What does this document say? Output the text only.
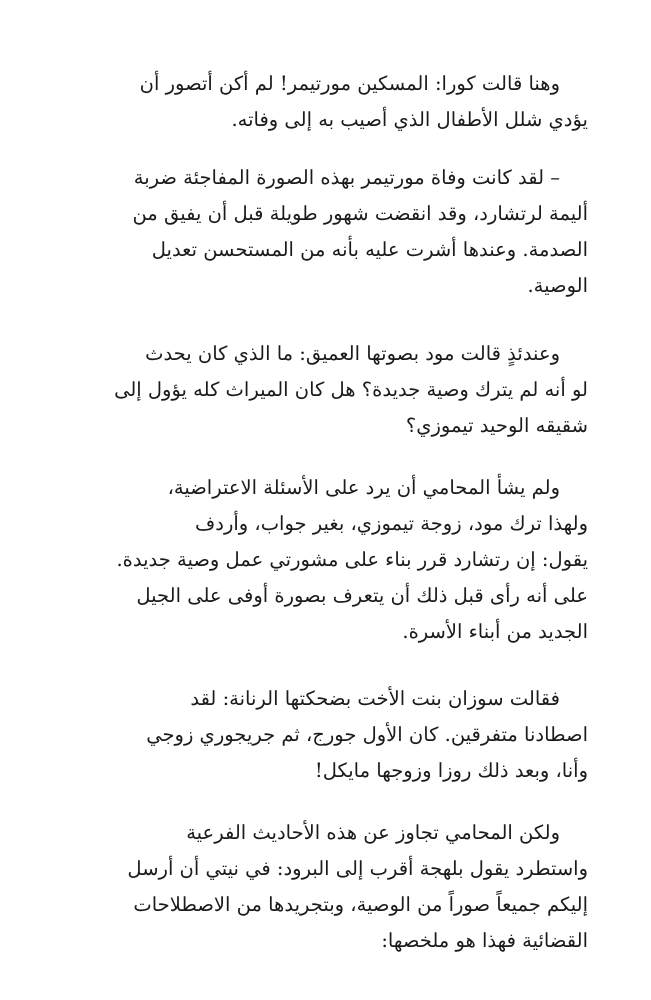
وهنا قالت كورا: المسكين مورتيمر! لم أكن أتصور أن
يؤدي شلل الأطفال الذي أصيب به إلى وفاته.
– لقد كانت وفاة مورتيمر بهذه الصورة المفاجئة ضربة
أليمة لرتشارد، وقد انقضت شهور طويلة قبل أن يفيق من
الصدمة. وعندها أشرت عليه بأنه من المستحسن تعديل
الوصية.
وعندئذٍ قالت مود بصوتها العميق: ما الذي كان يحدث
لو أنه لم يترك وصية جديدة؟ هل كان الميراث كله يؤول إلى
شقيقه الوحيد تيموزي؟
ولم يشأ المحامي أن يرد على الأسئلة الاعتراضية،
ولهذا ترك مود، زوجة تيموزي، بغير جواب، وأردف
يقول: إن رتشارد قرر بناء على مشورتي عمل وصية جديدة.
على أنه رأى قبل ذلك أن يتعرف بصورة أوفى على الجيل
الجديد من أبناء الأسرة.
فقالت سوزان بنت الأخت بضحكتها الرنانة: لقد
اصطادنا متفرقين. كان الأول جورج، ثم جريجوري زوجي
وأنا، وبعد ذلك روزا وزوجها مايكل!
ولكن المحامي تجاوز عن هذه الأحاديث الفرعية
واستطرد يقول بلهجة أقرب إلى البرود: في نيتي أن أرسل
إليكم جميعاً صوراً من الوصية، وبتجريدها من الاصطلاحات
القضائية فهذا هو ملخصها:
